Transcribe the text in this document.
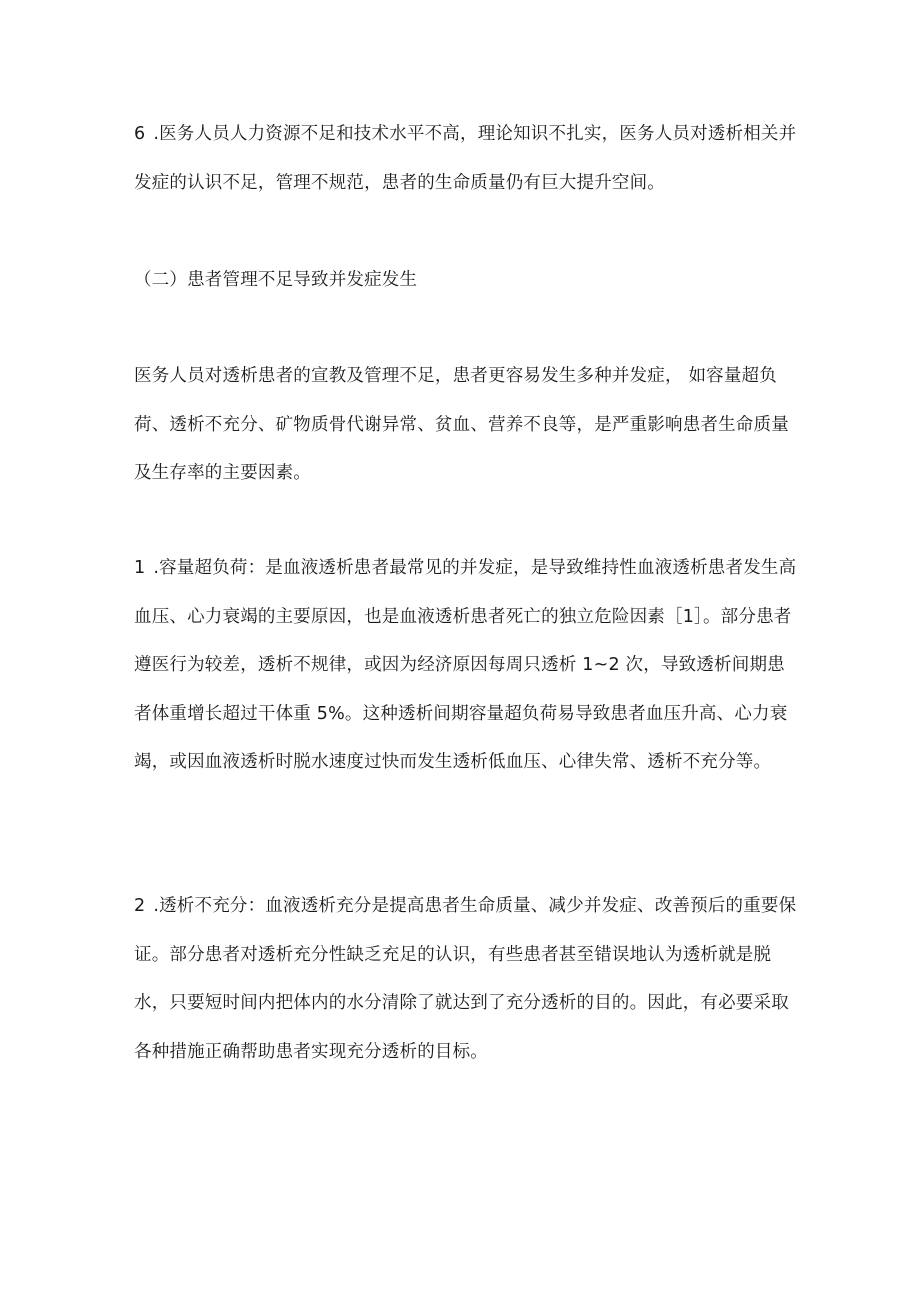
6 .医务人员人力资源不足和技术水平不高，理论知识不扎实，医务人员对透析相关并发症的认识不足，管理不规范，患者的生命质量仍有巨大提升空间。

（二）患者管理不足导致并发症发生

医务人员对透析患者的宣教及管理不足，患者更容易发生多种并发症， 如容量超负荷、透析不充分、矿物质骨代谢异常、贫血、营养不良等，是严重影响患者生命质量及生存率的主要因素。

1 .容量超负荷：是血液透析患者最常见的并发症，是导致维持性血液透析患者发生高血压、心力衰竭的主要原因，也是血液透析患者死亡的独立危险因素［1］。部分患者遵医行为较差，透析不规律，或因为经济原因每周只透析 1~2 次，导致透析间期患者体重增长超过干体重 5%。这种透析间期容量超负荷易导致患者血压升高、心力衰竭，或因血液透析时脱水速度过快而发生透析低血压、心律失常、透析不充分等。

2 .透析不充分：血液透析充分是提高患者生命质量、减少并发症、改善预后的重要保证。部分患者对透析充分性缺乏充足的认识，有些患者甚至错误地认为透析就是脱水，只要短时间内把体内的水分清除了就达到了充分透析的目的。因此，有必要采取各种措施正确帮助患者实现充分透析的目标。
